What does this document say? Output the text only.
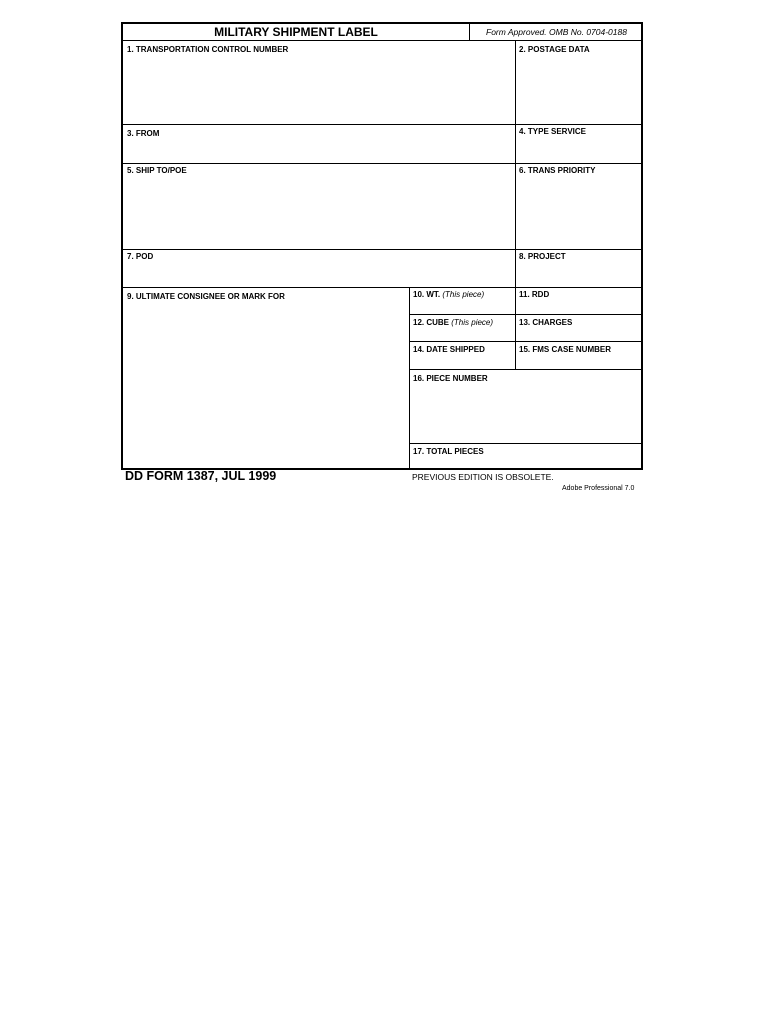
MILITARY SHIPMENT LABEL	Form Approved. OMB No. 0704-0188
1. TRANSPORTATION CONTROL NUMBER	2. POSTAGE DATA
3. FROM	4. TYPE SERVICE
5. SHIP TO/POE	6. TRANS PRIORITY
7. POD	8. PROJECT
9. ULTIMATE CONSIGNEE OR MARK FOR	10. WT. (This piece)	11. RDD
12. CUBE (This piece)	13. CHARGES
14. DATE SHIPPED	15. FMS CASE NUMBER
16. PIECE NUMBER
17. TOTAL PIECES
DD FORM 1387, JUL 1999	PREVIOUS EDITION IS OBSOLETE.
Adobe Professional 7.0
